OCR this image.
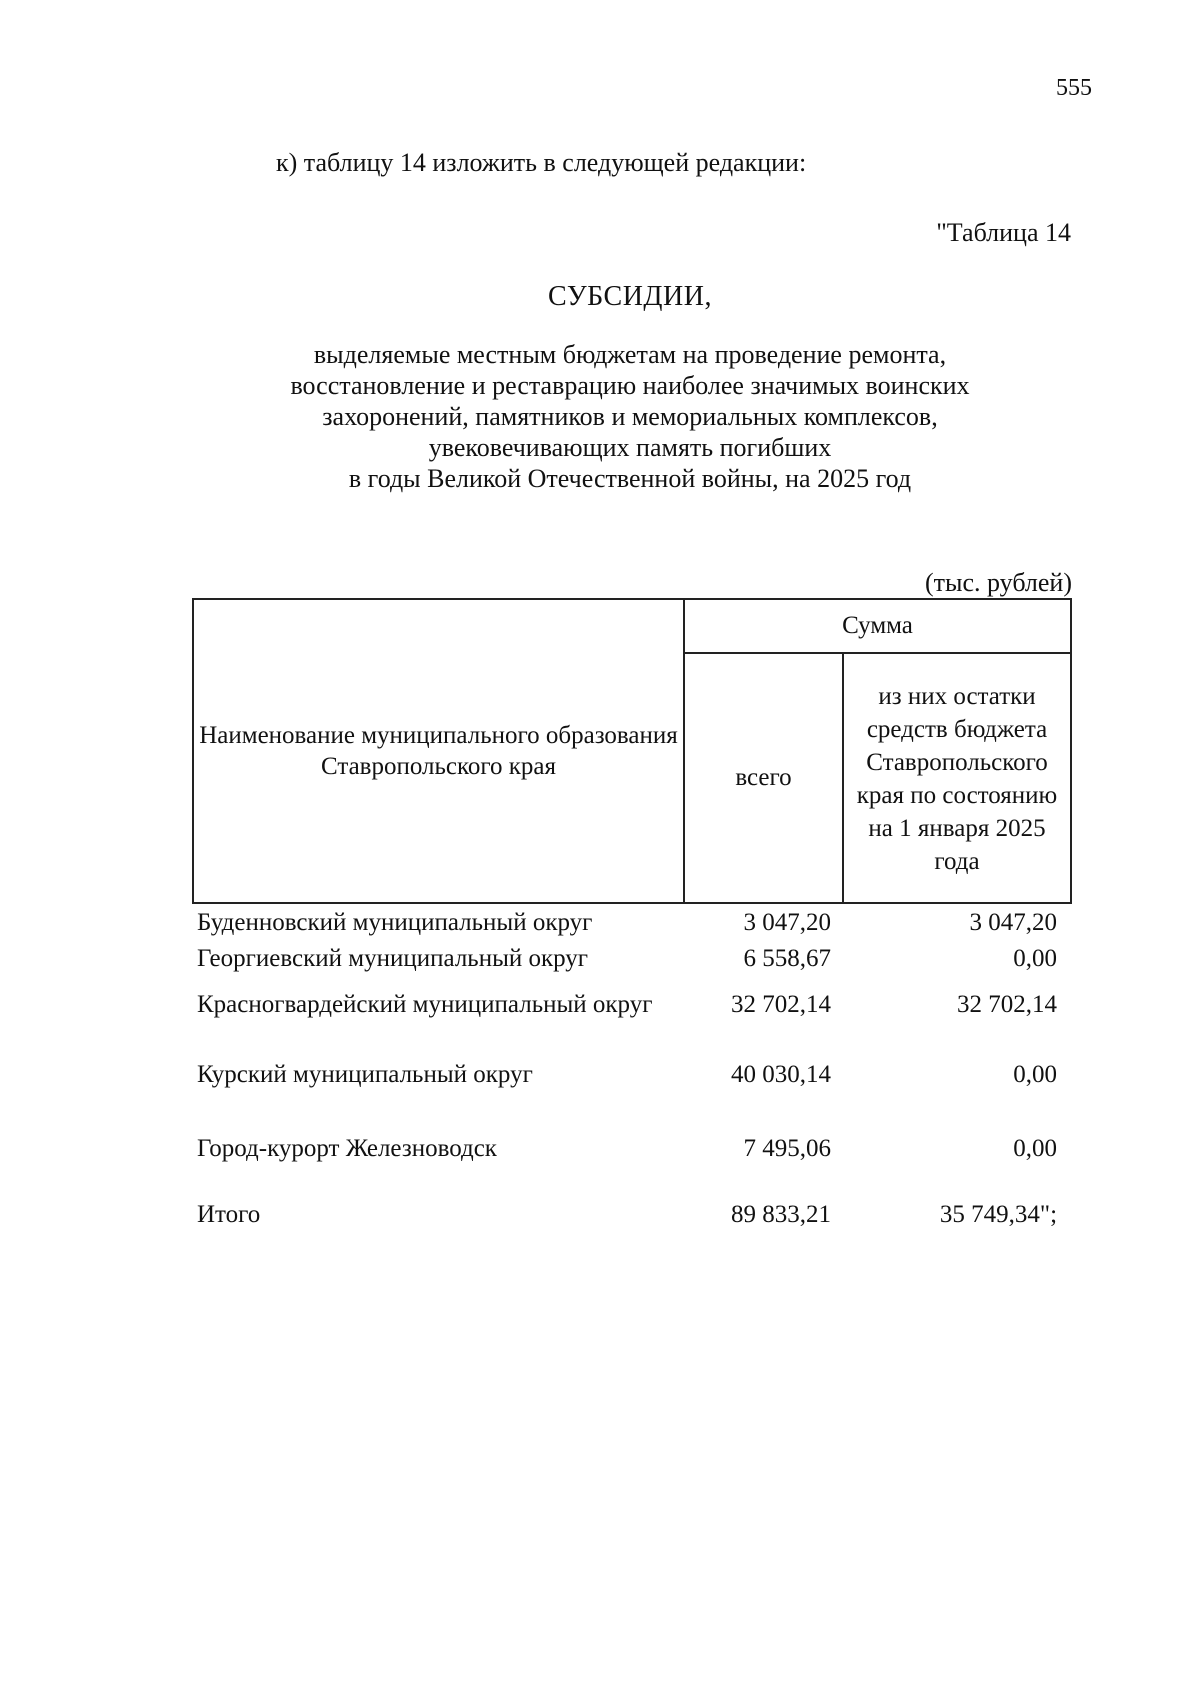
555
к) таблицу 14 изложить в следующей редакции:
"Таблица 14
СУБСИДИИ,
выделяемые местным бюджетам на проведение ремонта,
восстановление и реставрацию наиболее значимых воинских
захоронений, памятников и мемориальных комплексов,
увековечивающих память погибших
в годы Великой Отечественной войны, на 2025 год
(тыс. рублей)
Наименование муниципального образования Ставропольского края	Сумма	
	всего	из них остатки средств бюджета Ставропольского края по состоянию на 1 января 2025 года
Буденновский муниципальный округ	3 047,20	3 047,20
Георгиевский муниципальный округ	6 558,67	0,00
Красногвардейский муниципальный округ	32 702,14	32 702,14
Курский муниципальный округ	40 030,14	0,00
Город-курорт Железноводск	7 495,06	0,00
Итого	89 833,21	35 749,34";
